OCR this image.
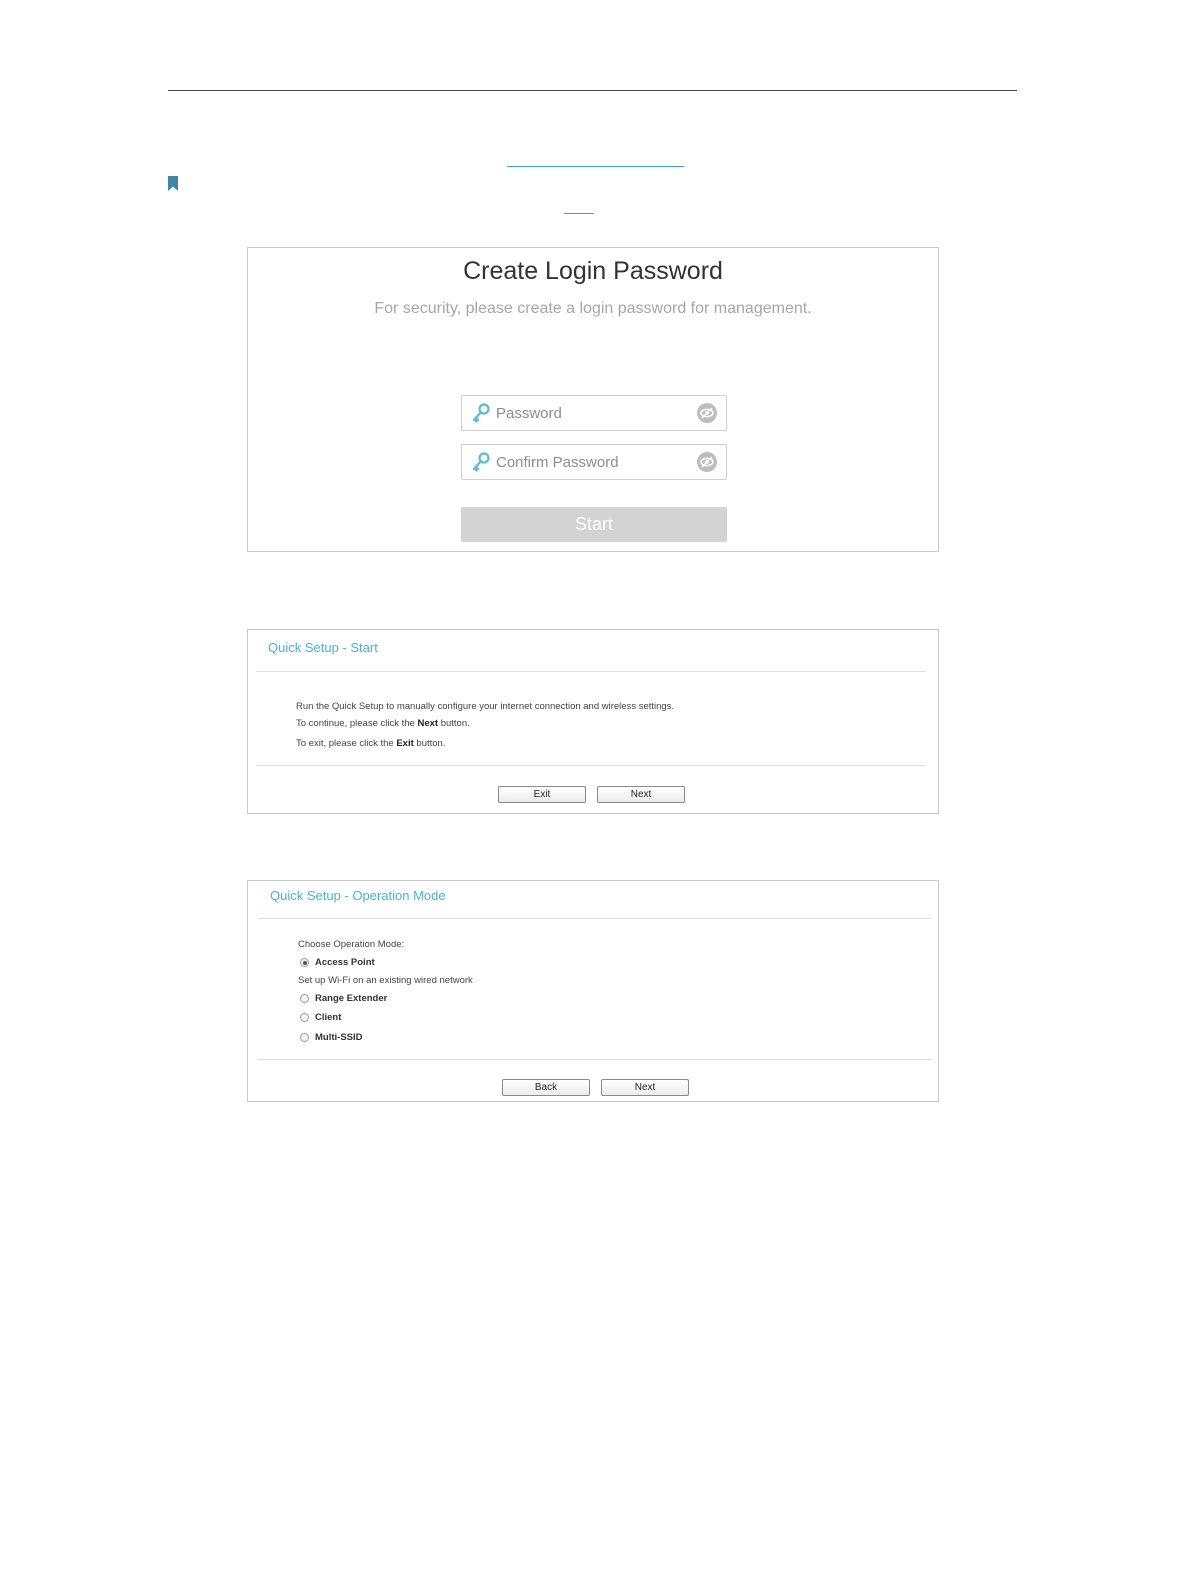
Create Login Password
For security, please create a login password for management.
Start
Quick Setup - Start
Run the Quick Setup to manually configure your internet connection and wireless settings.
To continue, please click the Next button.
To exit, please click the Exit button.
Exit	Next
Quick Setup - Operation Mode
Choose Operation Mode:
Access Point
Set up Wi-Fi on an existing wired network
Range Extender
Client
Multi-SSID
Back	Next
